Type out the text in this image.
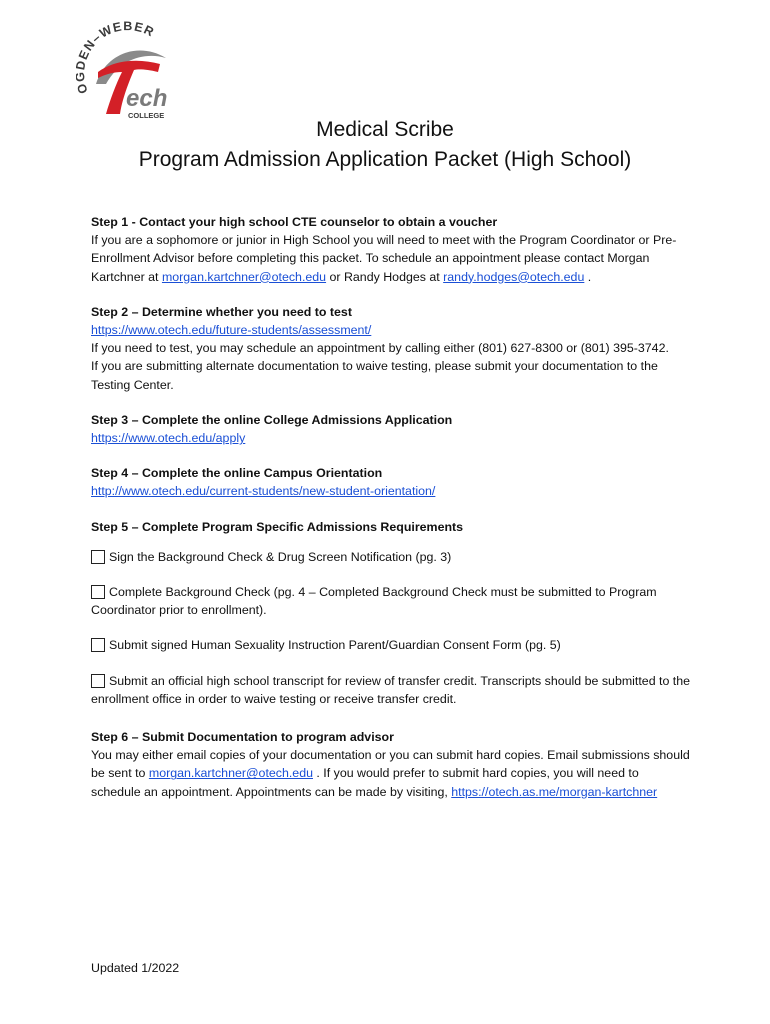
EN–WEBER
ech
COLLEGE
Medical Scribe
Program Admission Application Packet (High School)
Step 1 - Contact your high school CTE counselor to obtain a voucher
If you are a sophomore or junior in High School you will need to meet with the Program Coordinator or Pre-Enrollment Advisor before completing this packet. To schedule an appointment please contact Morgan Kartchner at morgan.kartchner@otech.edu or Randy Hodges at randy.hodges@otech.edu .
Step 2 – Determine whether you need to test
https://www.otech.edu/future-students/assessment/
If you need to test, you may schedule an appointment by calling either (801) 627-8300 or (801) 395-3742.
If you are submitting alternate documentation to waive testing, please submit your documentation to the Testing Center.
Step 3 – Complete the online College Admissions Application
https://www.otech.edu/apply
Step 4 – Complete the online Campus Orientation
http://www.otech.edu/current-students/new-student-orientation/
Step 5 – Complete Program Specific Admissions Requirements
Sign the Background Check & Drug Screen Notification (pg. 3)
Complete Background Check (pg. 4 – Completed Background Check must be submitted to Program Coordinator prior to enrollment).
Submit signed Human Sexuality Instruction Parent/Guardian Consent Form (pg. 5)
Submit an official high school transcript for review of transfer credit. Transcripts should be submitted to the enrollment office in order to waive testing or receive transfer credit.
Step 6 – Submit Documentation to program advisor
You may either email copies of your documentation or you can submit hard copies. Email submissions should be sent to morgan.kartchner@otech.edu . If you would prefer to submit hard copies, you will need to schedule an appointment. Appointments can be made by visiting, https://otech.as.me/morgan-kartchner
Updated 1/2022
